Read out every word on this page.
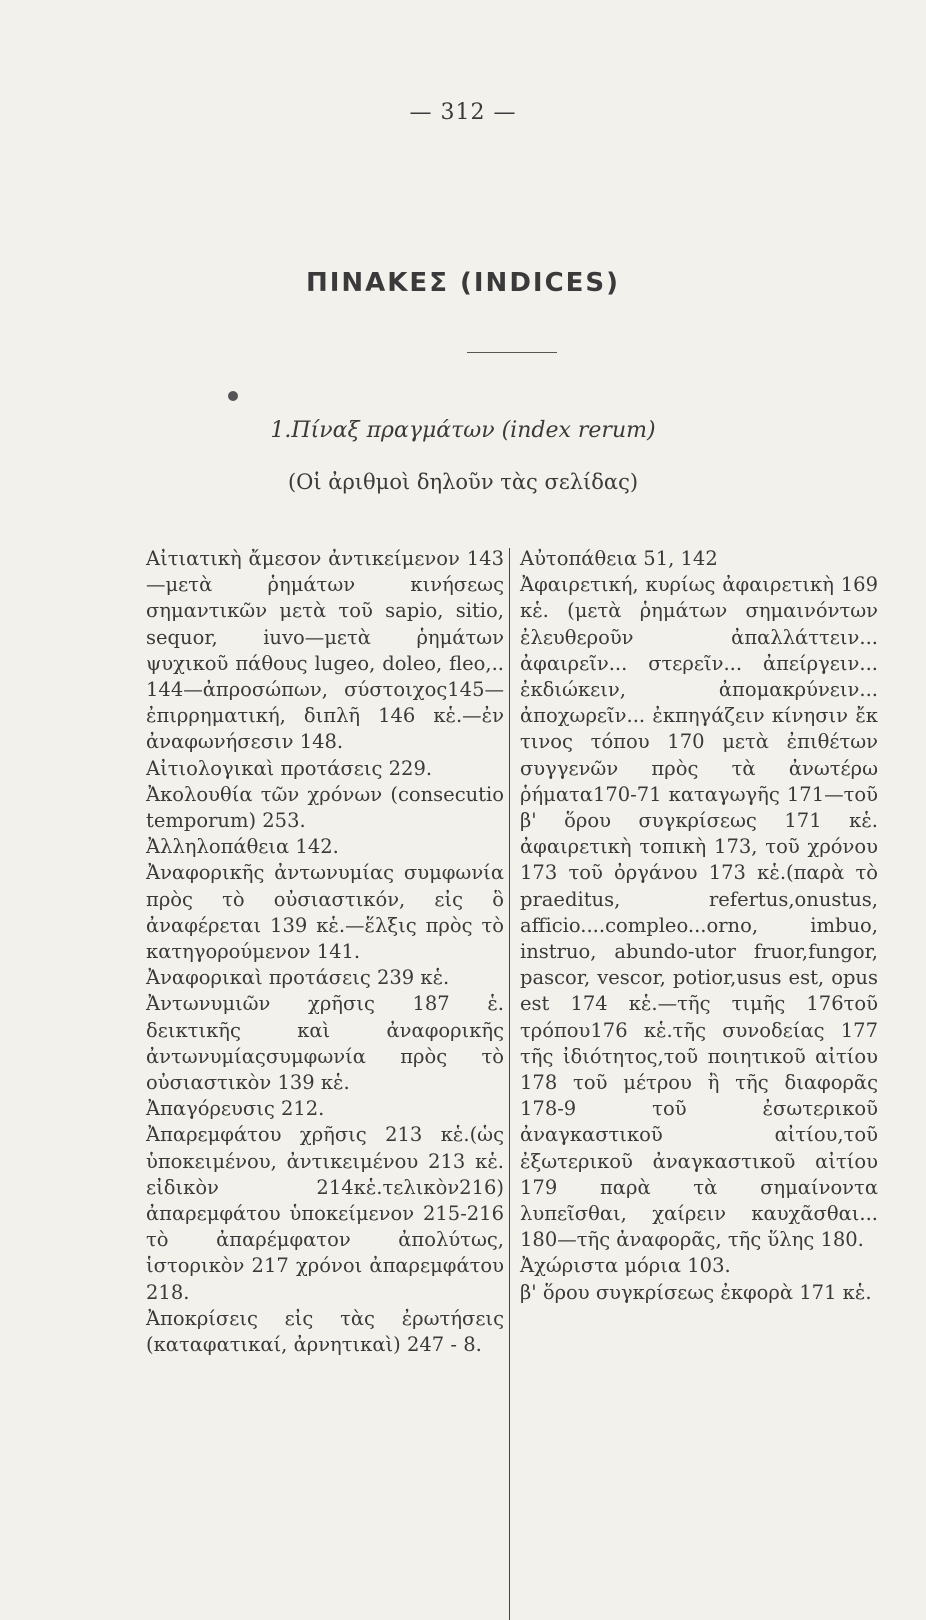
— 312 —
ΠΙΝΑΚΕΣ (INDICES)
1.Πίναξ πραγμάτων (index rerum)
(Οἱ ἀριθμοὶ δηλοῦν τὰς σελίδας)

Αἰτιατικὴ ἄμεσον ἀντικείμενον 143—μετὰ ῥημάτων κινήσεως σημαντικῶν μετὰ τοῦ sapio, sitio, sequor, iuvo—μετὰ ῥημάτων ψυχικοῦ πάθους lugeo, doleo, fleo,.. 144—ἀπροσώπων, σύστοιχος145—ἐπιρρηματική, διπλῆ 146 κἑ.—ἐν ἀναφωνήσεσιν 148.

Αἰτιολογικαὶ προτάσεις 229.

Ἀκολουθία τῶν χρόνων (consecutio temporum) 253.

Ἀλληλοπάθεια 142.

Ἀναφορικῆς ἀντωνυμίας συμφωνία πρὸς τὸ οὐσιαστικόν, εἰς ὃ ἀναφέρεται 139 κἑ.—ἕλξις πρὸς τὸ κατηγορούμενον 141.

Ἀναφορικαὶ προτάσεις 239 κἑ.

Ἀντωνυμιῶν χρῆσις 187 ἑ. δεικτικῆς καὶ ἀναφορικῆς ἀντωνυμίαςσυμφωνία πρὸς τὸ οὐσιαστικὸν 139 κἑ.

Ἀπαγόρευσις 212.

Ἀπαρεμφάτου χρῆσις 213 κἑ.(ὡς ὑποκειμένου, ἀντικειμένου 213 κἑ. εἰδικὸν 214κἑ.τελικὸν216) ἀπαρεμφάτου ὑποκείμενον 215-216 τὸ ἀπαρέμφατον ἀπολύτως, ἱστορικὸν 217 χρόνοι ἀπαρεμφάτου 218.

Ἀποκρίσεις εἰς τὰς ἐρωτήσεις (καταφατικαί, ἀρνητικαὶ) 247 - 8.

Αὐτοπάθεια 51, 142

Ἀφαιρετική, κυρίως ἀφαιρετικὴ 169 κἑ. (μετὰ ῥημάτων σημαινόντων ἐλευθεροῦν ἀπαλλάττειν... ἀφαιρεῖν... στερεῖν... ἀπείργειν... ἐκδιώκειν, ἀπομακρύνειν... ἀποχωρεῖν... ἐκπηγάζειν κίνησιν ἔκ τινος τόπου 170 μετὰ ἐπιθέτων συγγενῶν πρὸς τὰ ἀνωτέρω ῥήματα170-71 καταγωγῆς 171—τοῦ β' ὅρου συγκρίσεως 171 κἑ. ἀφαιρετικὴ τοπικὴ 173, τοῦ χρόνου 173 τοῦ ὀργάνου 173 κἑ.(παρὰ τὸ praeditus, refertus,onustus, afficio....compleo...orno, imbuo, instruo, abundo-utor fruor,fungor, pascor, vescor, potior,usus est, opus est 174 κἑ.—τῆς τιμῆς 176τοῦ τρόπου176 κἑ.τῆς συνοδείας 177 τῆς ἰδιότητος,τοῦ ποιητικοῦ αἰτίου 178 τοῦ μέτρου ἢ τῆς διαφορᾶς 178-9 τοῦ ἐσωτερικοῦ ἀναγκαστικοῦ αἰτίου,τοῦ ἐξωτερικοῦ ἀναγκαστικοῦ αἰτίου 179 παρὰ τὰ σημαίνοντα λυπεῖσθαι, χαίρειν καυχᾶσθαι... 180—τῆς ἀναφορᾶς, τῆς ὕλης 180.

Ἀχώριστα μόρια 103.

β' ὅρου συγκρίσεως ἐκφορὰ 171 κἑ.
